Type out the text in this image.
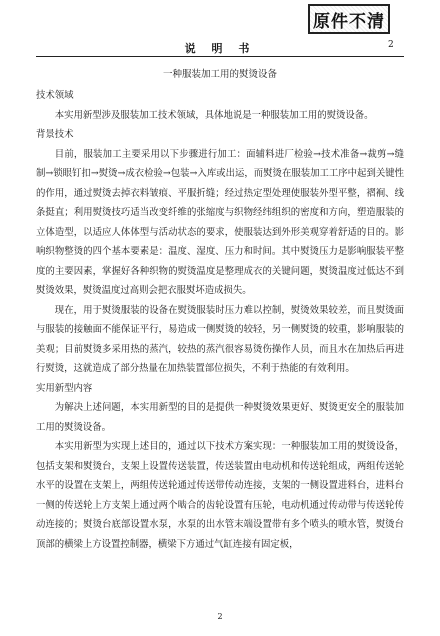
原件不清
说 明 书	2
一种服装加工用的熨烫设备

技术领域

本实用新型涉及服装加工技术领域，具体地说是一种服装加工用的熨烫设备。

背景技术

目前，服装加工主要采用以下步骤进行加工：面辅料进厂检验→技术准备→裁剪→缝制→锁眼钉扣→熨烫→成衣检验→包装→入库或出运，而熨烫在服装加工工序中起到关键性的作用，通过熨烫去掉衣料皱痕、平服折缝；经过热定型处理使服装外型平整，褶裥、线条挺直；利用熨烫技巧适当改变纤维的张缩度与织物经纬组织的密度和方向，塑造服装的立体造型，以适应人体体型与活动状态的要求，使服装达到外形美观穿着舒适的目的。影响织物整烫的四个基本要素是：温度、湿度、压力和时间。其中熨烫压力是影响服装平整度的主要因素，掌握好各种织物的熨烫温度是整理成衣的关键问题，熨烫温度过低达不到熨烫效果，熨烫温度过高则会把衣服熨坏造成损失。

现在，用于熨烫服装的设备在熨烫服装时压力难以控制，熨烫效果较差，而且熨烫面与服装的接触面不能保证平行，易造成一侧熨烫的较轻，另一侧熨烫的较重，影响服装的美观；目前熨烫多采用热的蒸汽，较热的蒸汽很容易烫伤操作人员，而且水在加热后再进行熨烫，这就造成了部分热量在加热装置部位损失，不利于热能的有效利用。

实用新型内容

为解决上述问题，本实用新型的目的是提供一种熨烫效果更好、熨烫更安全的服装加工用的熨烫设备。

本实用新型为实现上述目的，通过以下技术方案实现：一种服装加工用的熨烫设备，包括支架和熨烫台，支架上设置传送装置，传送装置由电动机和传送轮组成，两组传送轮水平的设置在支架上，两组传送轮通过传送带传动连接，支架的一侧设置进料台，进料台一侧的传送轮上方支架上通过两个啮合的齿轮设置有压轮，电动机通过传动带与传送轮传动连接的；熨烫台底部设置水泵，水泵的出水管末端设置带有多个喷头的喷水管，熨烫台顶部的横梁上方设置控制器，横梁下方通过气缸连接有固定板，

2
